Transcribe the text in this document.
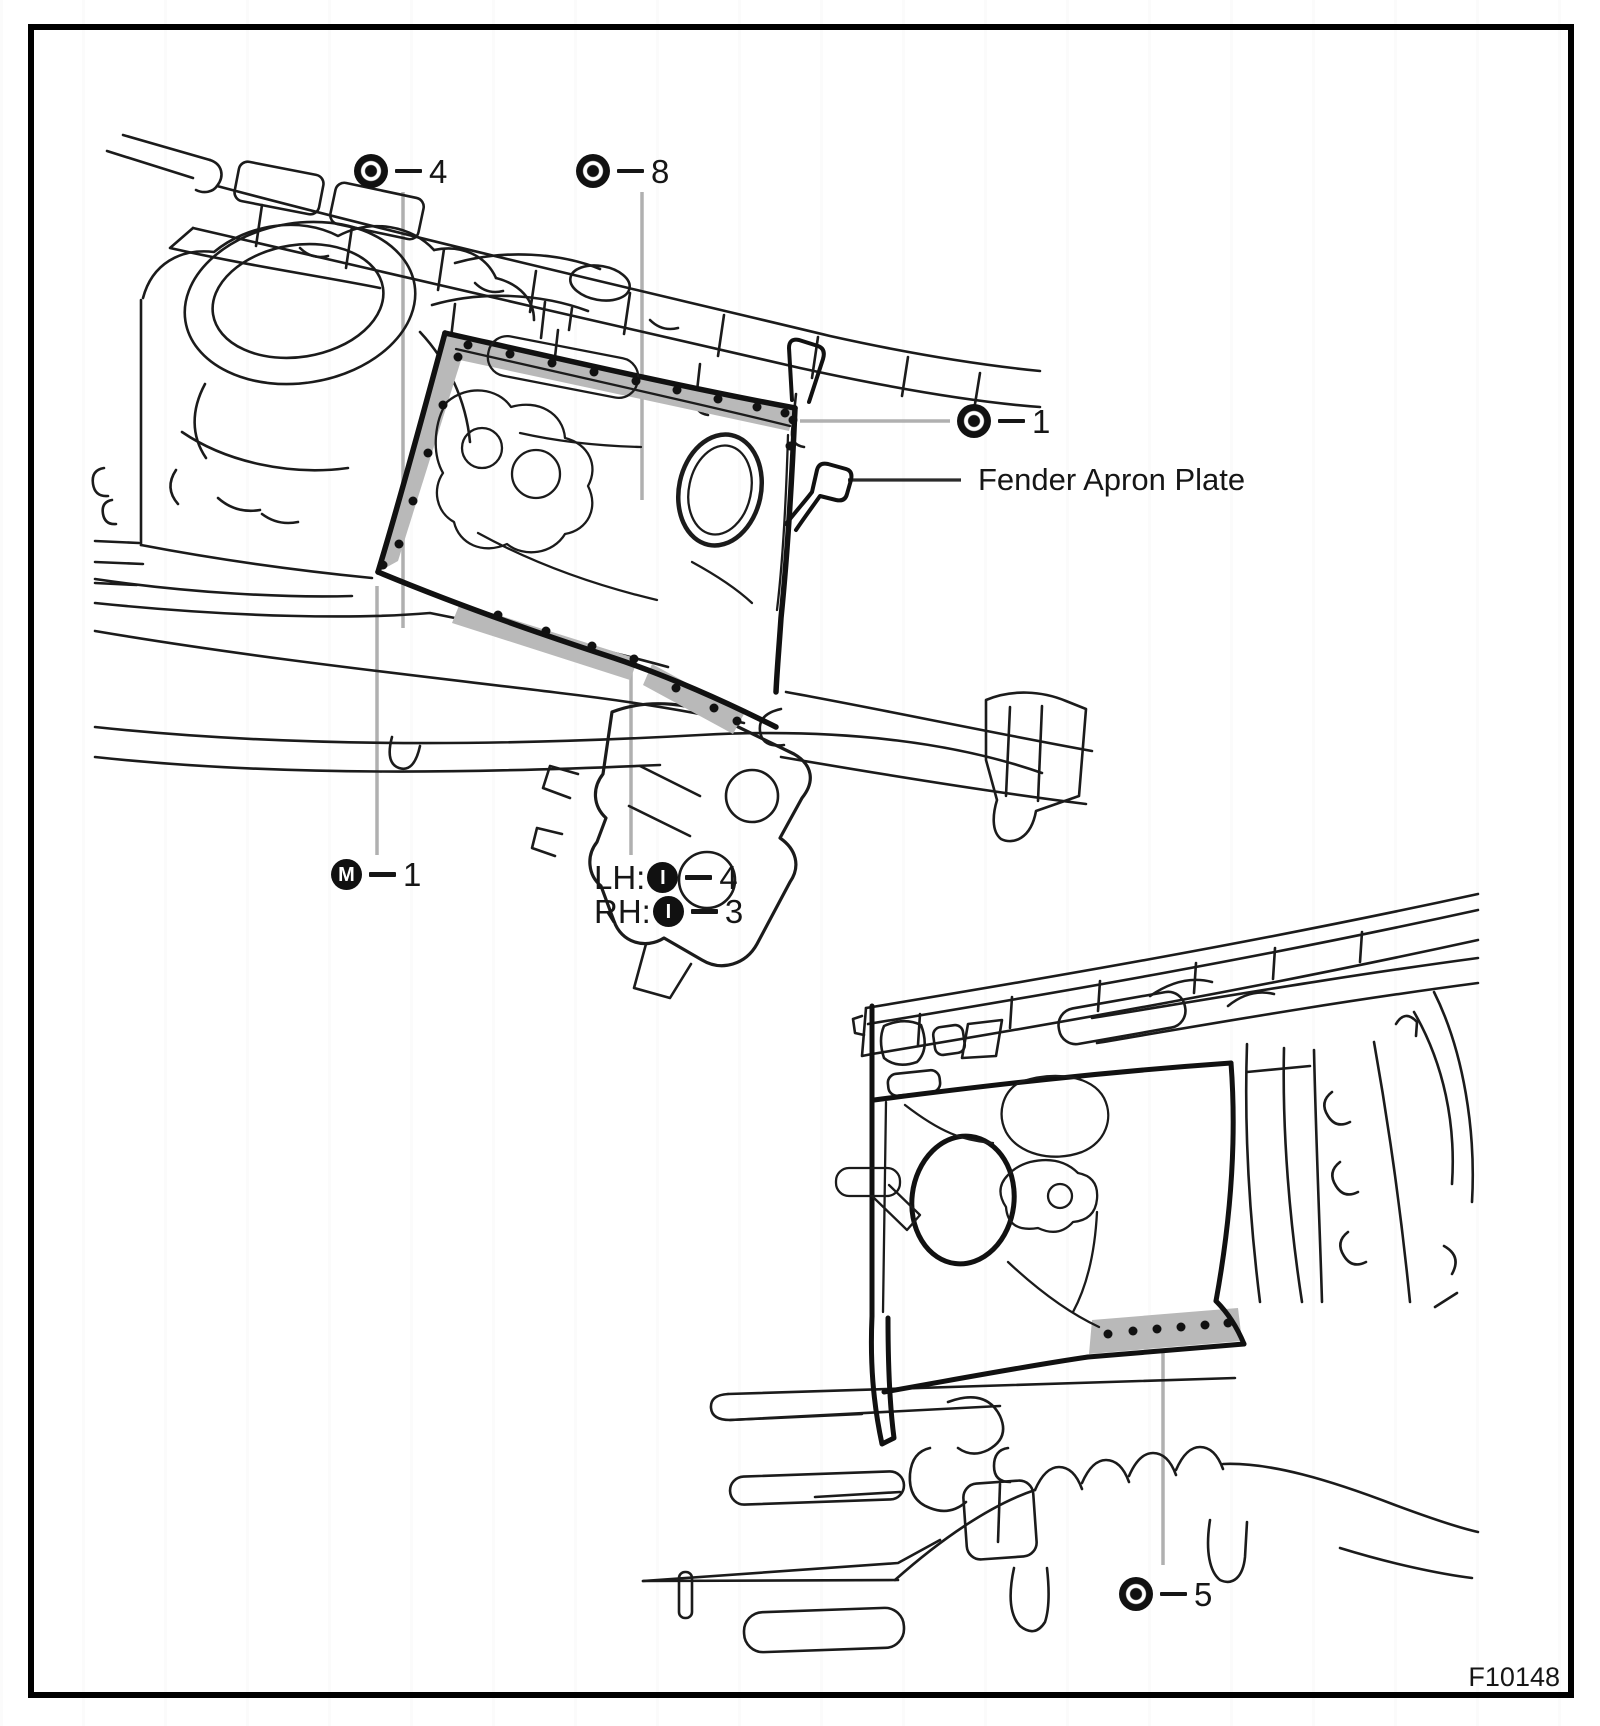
4	8
1
Fender Apron Plate
M 1	LH: I 4
RH: I 3
5
F10148
